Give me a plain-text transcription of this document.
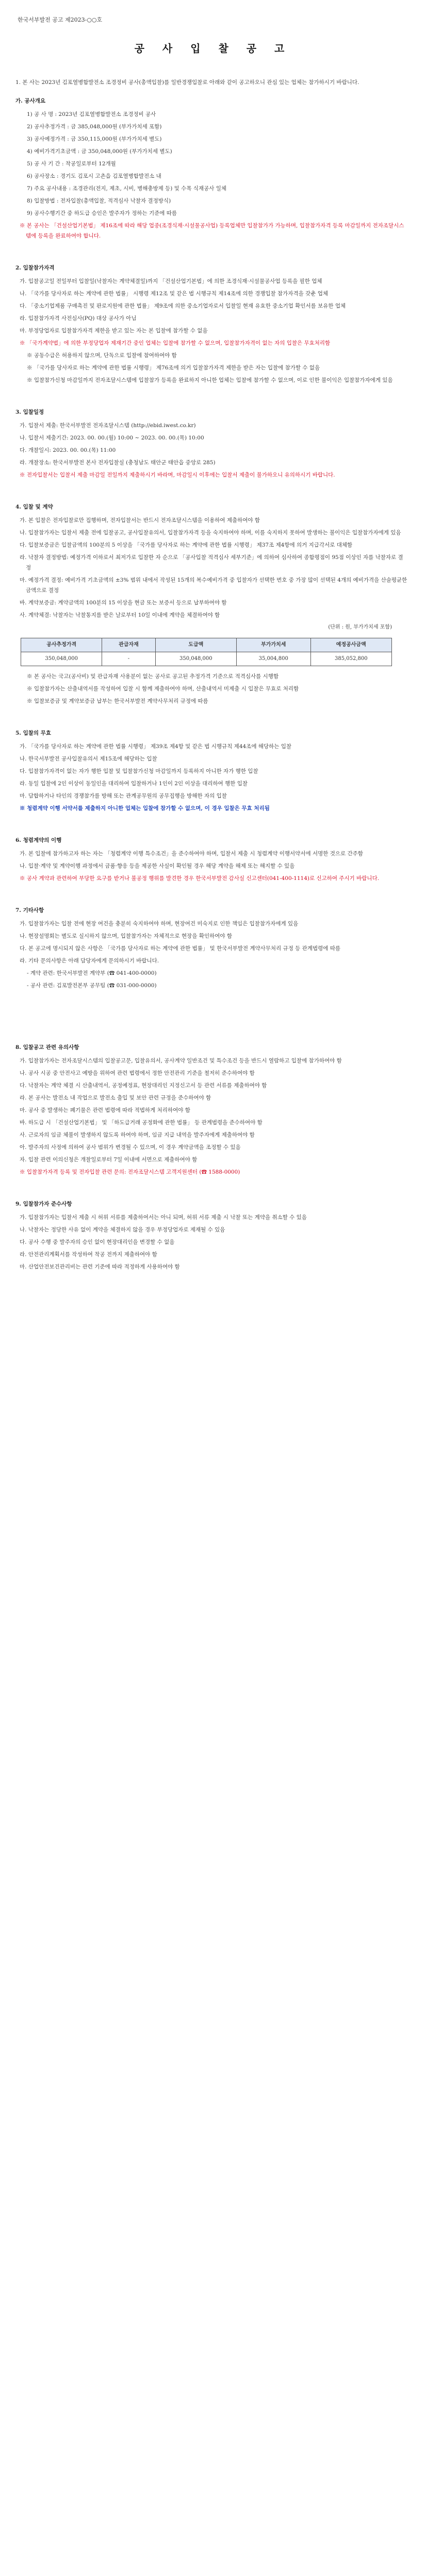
한국서부발전 공고 제2023-○○호
공 사 입 찰 공 고

1. 본 사는 2023년 김포열병합발전소 조경정비 공사(총액입찰)를 일반경쟁입찰로 아래와 같이 공고하오니 관심 있는 업체는 참가하시기 바랍니다.

가. 공사개요

1) 공 사 명 : 2023년 김포열병합발전소 조경정비 공사

2) 공사추정가격 : 금 385,048,000원 (부가가치세 포함)

3) 공사예정가격 : 금 350,115,000원 (부가가치세 별도)

4) 예비가격기초금액 : 금 350,048,000원 (부가가치세 별도)

5) 공 사 기 간 : 착공일로부터 12개월

6) 공사장소 : 경기도 김포시 고촌읍 김포열병합발전소 내

7) 주요 공사내용 : 조경관리(전지, 제초, 시비, 병해충방제 등) 및 수목 식재공사 일체

8) 입찰방법 : 전자입찰(총액입찰, 적격심사 낙찰자 결정방식)

9) 공사수행기간 중 하도급 승인은 발주자가 정하는 기준에 따름

※ 본 공사는 「건설산업기본법」 제16조에 따라 해당 업종(조경식재·시설물공사업) 등록업체만 입찰참가가 가능하며, 입찰참가자격 등록 마감일까지 전자조달시스템에 등록을 완료하여야 합니다.

2. 입찰참가자격

가. 입찰공고일 전일부터 입찰일(낙찰자는 계약체결일)까지 「건설산업기본법」에 의한 조경식재·시설물공사업 등록을 필한 업체

나. 「국가를 당사자로 하는 계약에 관한 법률」 시행령 제12조 및 같은 법 시행규칙 제14조에 의한 경쟁입찰 참가자격을 갖춘 업체

다. 「중소기업제품 구매촉진 및 판로지원에 관한 법률」 제9조에 의한 중소기업자로서 입찰일 현재 유효한 중소기업 확인서를 보유한 업체

라. 입찰참가자격 사전심사(PQ) 대상 공사가 아님

마. 부정당업자로 입찰참가자격 제한을 받고 있는 자는 본 입찰에 참가할 수 없음

※ 「국가계약법」에 의한 부정당업자 제재기간 중인 업체는 입찰에 참가할 수 없으며, 입찰참가자격이 없는 자의 입찰은 무효처리함

※ 공동수급은 허용하지 않으며, 단독으로 입찰에 참여하여야 함

※ 「국가를 당사자로 하는 계약에 관한 법률 시행령」 제76조에 의거 입찰참가자격 제한을 받은 자는 입찰에 참가할 수 없음

※ 입찰참가신청 마감일까지 전자조달시스템에 입찰참가 등록을 완료하지 아니한 업체는 입찰에 참가할 수 없으며, 이로 인한 불이익은 입찰참가자에게 있음

3. 입찰일정

가. 입찰서 제출: 한국서부발전 전자조달시스템 (http://ebid.iwest.co.kr)

나. 입찰서 제출기간: 2023. 00. 00.(월) 10:00 ~ 2023. 00. 00.(목) 10:00

다. 개찰일시: 2023. 00. 00.(목) 11:00

라. 개찰장소: 한국서부발전 본사 전자입찰실 (충청남도 태안군 태안읍 중앙로 285)

※ 전자입찰서는 입찰서 제출 마감일 전일까지 제출하시기 바라며, 마감일시 이후에는 입찰서 제출이 불가하오니 유의하시기 바랍니다.

4. 입찰 및 계약

가. 본 입찰은 전자입찰로만 집행하며, 전자입찰서는 반드시 전자조달시스템을 이용하여 제출하여야 함

나. 입찰참가자는 입찰서 제출 전에 입찰공고, 공사입찰유의서, 입찰참가자격 등을 숙지하여야 하며, 이를 숙지하지 못하여 발생하는 불이익은 입찰참가자에게 있음

다. 입찰보증금은 입찰금액의 100분의 5 이상을 「국가를 당사자로 하는 계약에 관한 법률 시행령」 제37조 제4항에 의거 지급각서로 대체함

라. 낙찰자 결정방법: 예정가격 이하로서 최저가로 입찰한 자 순으로 「공사입찰 적격심사 세부기준」에 의하여 심사하여 종합평점이 95점 이상인 자를 낙찰자로 결정

마. 예정가격 결정: 예비가격 기초금액의 ±3% 범위 내에서 작성된 15개의 복수예비가격 중 입찰자가 선택한 번호 중 가장 많이 선택된 4개의 예비가격을 산술평균한 금액으로 결정

바. 계약보증금: 계약금액의 100분의 15 이상을 현금 또는 보증서 등으로 납부하여야 함

사. 계약체결: 낙찰자는 낙찰통지를 받은 날로부터 10일 이내에 계약을 체결하여야 함

(단위 : 원, 부가가치세 포함)
공사추정가격	관급자재	도급액	부가가치세	예정공사금액
350,048,000	-	350,048,000	35,004,800	385,052,800

※ 본 공사는 국고(공사비) 및 관급자재 사용분이 없는 공사로 공고된 추정가격 기준으로 적격심사를 시행함

※ 입찰참가자는 산출내역서를 작성하여 입찰 시 함께 제출하여야 하며, 산출내역서 미제출 시 입찰은 무효로 처리함

※ 입찰보증금 및 계약보증금 납부는 한국서부발전 계약사무처리 규정에 따름

5. 입찰의 무효

가. 「국가를 당사자로 하는 계약에 관한 법률 시행령」 제39조 제4항 및 같은 법 시행규칙 제44조에 해당하는 입찰

나. 한국서부발전 공사입찰유의서 제15조에 해당하는 입찰

다. 입찰참가자격이 없는 자가 행한 입찰 및 입찰참가신청 마감일까지 등록하지 아니한 자가 행한 입찰

라. 동일 입찰에 2인 이상이 동일인을 대리하여 입찰하거나 1인이 2인 이상을 대리하여 행한 입찰

마. 담합하거나 타인의 경쟁참가를 방해 또는 관계공무원의 공무집행을 방해한 자의 입찰

※ 청렴계약 이행 서약서를 제출하지 아니한 업체는 입찰에 참가할 수 없으며, 이 경우 입찰은 무효 처리됨

6. 청렴계약의 이행

가. 본 입찰에 참가하고자 하는 자는 「청렴계약 이행 특수조건」을 준수하여야 하며, 입찰서 제출 시 청렴계약 이행서약서에 서명한 것으로 간주함

나. 입찰·계약 및 계약이행 과정에서 금품·향응 등을 제공한 사실이 확인될 경우 해당 계약을 해제 또는 해지할 수 있음

※ 공사 계약과 관련하여 부당한 요구를 받거나 불공정 행위를 발견한 경우 한국서부발전 감사실 신고센터(041-400-1114)로 신고하여 주시기 바랍니다.

7. 기타사항

가. 입찰참가자는 입찰 전에 현장 여건을 충분히 숙지하여야 하며, 현장여건 미숙지로 인한 책임은 입찰참가자에게 있음

나. 현장설명회는 별도로 실시하지 않으며, 입찰참가자는 자체적으로 현장을 확인하여야 함

다. 본 공고에 명시되지 않은 사항은 「국가를 당사자로 하는 계약에 관한 법률」 및 한국서부발전 계약사무처리 규정 등 관계법령에 따름

라. 기타 문의사항은 아래 담당자에게 문의하시기 바랍니다.

- 계약 관련: 한국서부발전 계약부 (☎ 041-400-0000)

- 공사 관련: 김포발전본부 공무팀 (☎ 031-000-0000)

8. 입찰공고 관련 유의사항

가. 입찰참가자는 전자조달시스템의 입찰공고문, 입찰유의서, 공사계약 일반조건 및 특수조건 등을 반드시 열람하고 입찰에 참가하여야 함

나. 공사 시공 중 안전사고 예방을 위하여 관련 법령에서 정한 안전관리 기준을 철저히 준수하여야 함

다. 낙찰자는 계약 체결 시 산출내역서, 공정예정표, 현장대리인 지정신고서 등 관련 서류를 제출하여야 함

라. 본 공사는 발전소 내 작업으로 발전소 출입 및 보안 관련 규정을 준수하여야 함

마. 공사 중 발생하는 폐기물은 관련 법령에 따라 적법하게 처리하여야 함

바. 하도급 시 「건설산업기본법」 및 「하도급거래 공정화에 관한 법률」 등 관계법령을 준수하여야 함

사. 근로자의 임금 체불이 발생하지 않도록 하여야 하며, 임금 지급 내역을 발주자에게 제출하여야 함

아. 발주자의 사정에 의하여 공사 범위가 변경될 수 있으며, 이 경우 계약금액을 조정할 수 있음

자. 입찰 관련 이의신청은 개찰일로부터 7일 이내에 서면으로 제출하여야 함

※ 입찰참가자격 등록 및 전자입찰 관련 문의: 전자조달시스템 고객지원센터 (☎ 1588-0000)

9. 입찰참가자 준수사항

가. 입찰참가자는 입찰서 제출 시 허위 서류를 제출하여서는 아니 되며, 허위 서류 제출 시 낙찰 또는 계약을 취소할 수 있음

나. 낙찰자는 정당한 사유 없이 계약을 체결하지 않을 경우 부정당업자로 제재될 수 있음

다. 공사 수행 중 발주자의 승인 없이 현장대리인을 변경할 수 없음

라. 안전관리계획서를 작성하여 착공 전까지 제출하여야 함

마. 산업안전보건관리비는 관련 기준에 따라 적정하게 사용하여야 함
